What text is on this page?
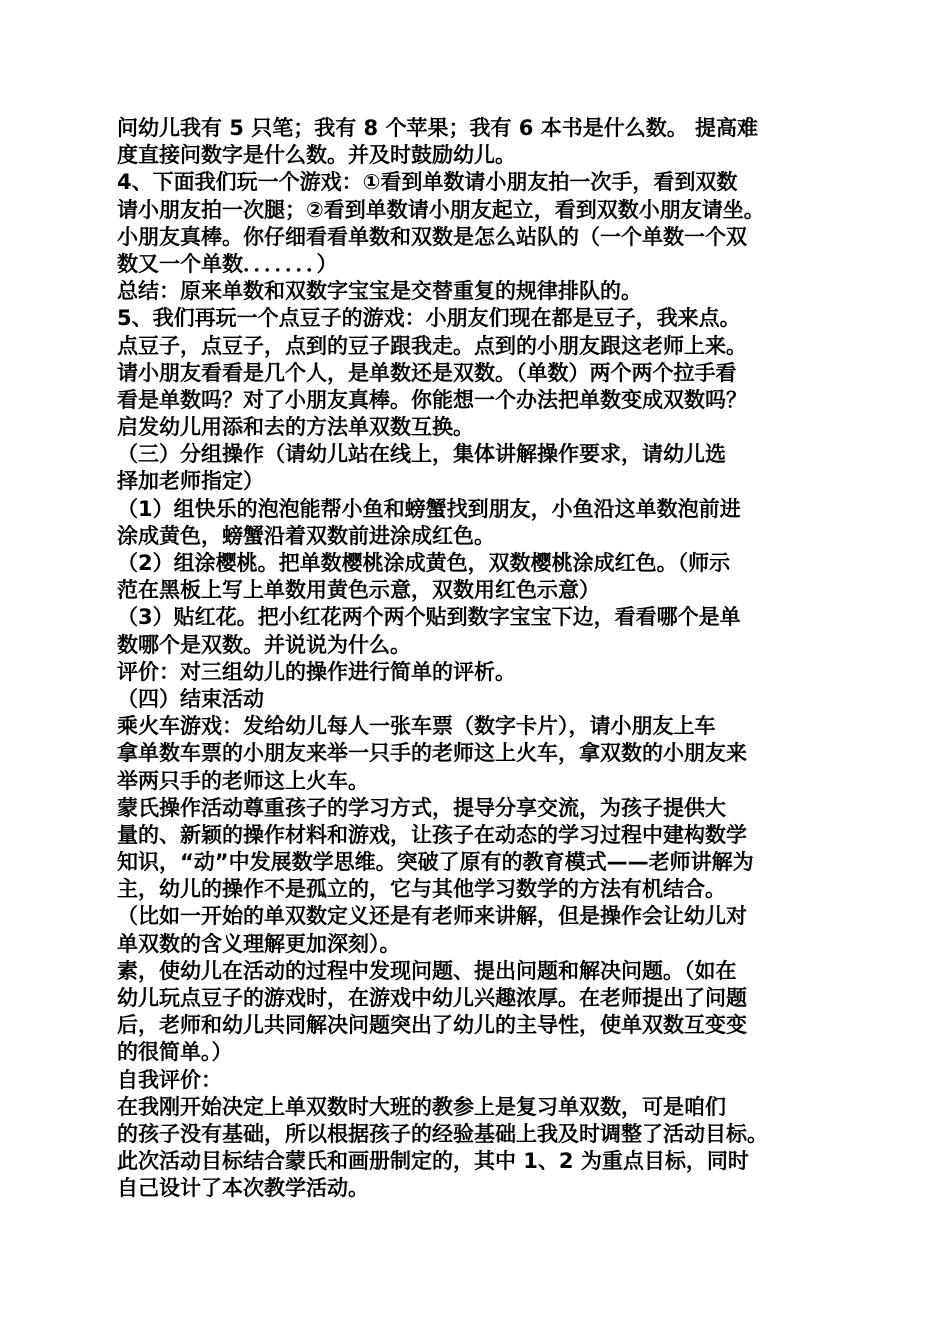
问幼儿我有 5 只笔；我有 8 个苹果；我有 6 本书是什么数。 提高难
度直接问数字是什么数。并及时鼓励幼儿。
4、下面我们玩一个游戏：①看到单数请小朋友拍一次手，看到双数
请小朋友拍一次腿；②看到单数请小朋友起立，看到双数小朋友请坐。
小朋友真棒。你仔细看看单数和双数是怎么站队的（一个单数一个双
数又一个单数．．．．．．．）
总结：原来单数和双数字宝宝是交替重复的规律排队的。
5、我们再玩一个点豆子的游戏：小朋友们现在都是豆子，我来点。
点豆子，点豆子，点到的豆子跟我走。点到的小朋友跟这老师上来。
请小朋友看看是几个人，是单数还是双数。（单数）两个两个拉手看
看是单数吗？对了小朋友真棒。你能想一个办法把单数变成双数吗？
启发幼儿用添和去的方法单双数互换。
（三）分组操作（请幼儿站在线上，集体讲解操作要求，请幼儿选
择加老师指定）
（1）组快乐的泡泡能帮小鱼和螃蟹找到朋友，小鱼沿这单数泡前进
涂成黄色，螃蟹沿着双数前进涂成红色。
（2）组涂樱桃。把单数樱桃涂成黄色，双数樱桃涂成红色。（师示
范在黑板上写上单数用黄色示意，双数用红色示意）
（3）贴红花。把小红花两个两个贴到数字宝宝下边，看看哪个是单
数哪个是双数。并说说为什么。
评价：对三组幼儿的操作进行简单的评析。
（四）结束活动
乘火车游戏：发给幼儿每人一张车票（数字卡片），请小朋友上车
拿单数车票的小朋友来举一只手的老师这上火车，拿双数的小朋友来
举两只手的老师这上火车。
蒙氏操作活动尊重孩子的学习方式，提导分享交流，为孩子提供大
量的、新颖的操作材料和游戏，让孩子在动态的学习过程中建构数学
知识，“动”中发展数学思维。突破了原有的教育模式——老师讲解为
主，幼儿的操作不是孤立的，它与其他学习数学的方法有机结合。
（比如一开始的单双数定义还是有老师来讲解，但是操作会让幼儿对
单双数的含义理解更加深刻）。
素，使幼儿在活动的过程中发现问题、提出问题和解决问题。（如在
幼儿玩点豆子的游戏时，在游戏中幼儿兴趣浓厚。在老师提出了问题
后，老师和幼儿共同解决问题突出了幼儿的主导性，使单双数互变变
的很简单。）
自我评价：
在我刚开始决定上单双数时大班的教参上是复习单双数，可是咱们
的孩子没有基础，所以根据孩子的经验基础上我及时调整了活动目标。
此次活动目标结合蒙氏和画册制定的，其中 1、2 为重点目标，同时
自己设计了本次教学活动。
